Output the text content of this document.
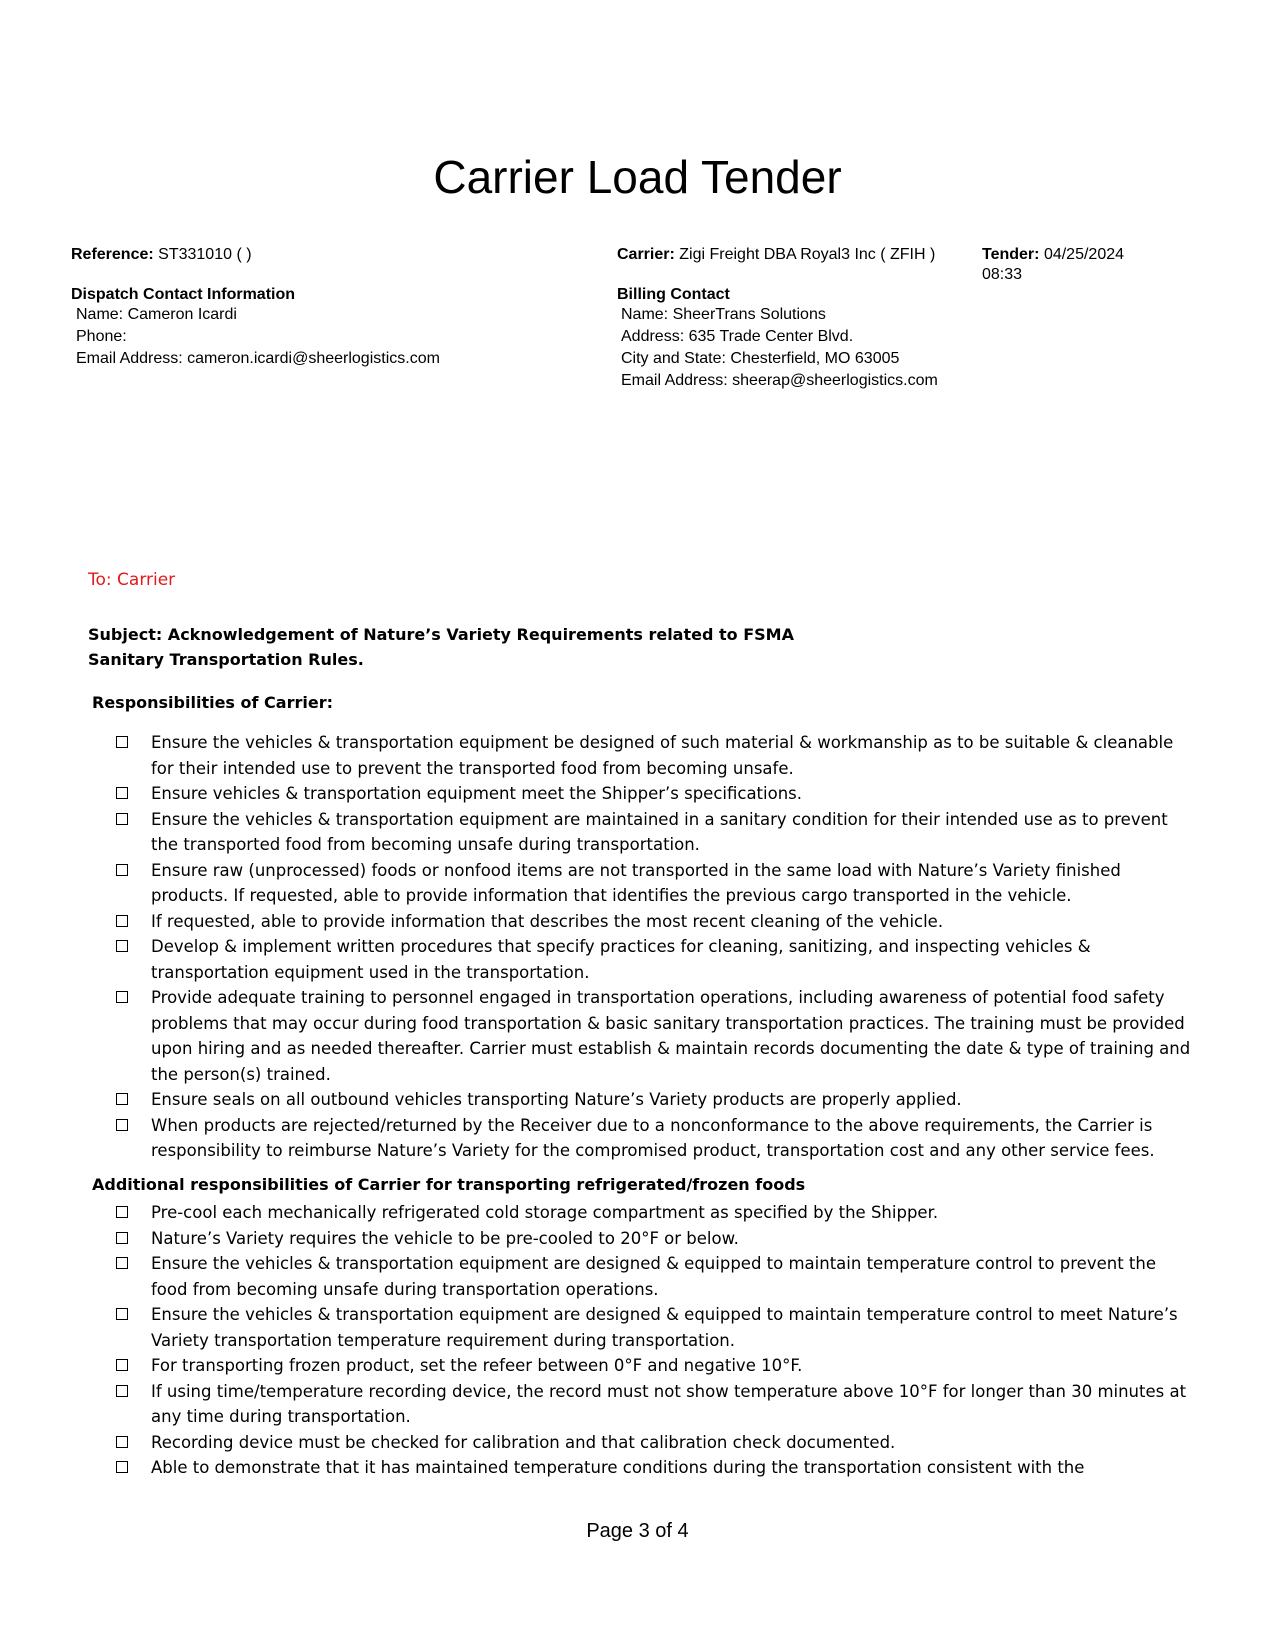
Carrier Load Tender
Reference: ST331010 ( )	Carrier: Zigi Freight DBA Royal3 Inc ( ZFIH )	Tender: 04/25/2024
08:33
Dispatch Contact Information
Name: Cameron Icardi
Phone:
Email Address: cameron.icardi@sheerlogistics.com
Billing Contact
Name: SheerTrans Solutions
Address: 635 Trade Center Blvd.
City and State: Chesterfield, MO 63005
Email Address: sheerap@sheerlogistics.com
To: Carrier
Subject: Acknowledgement of Nature’s Variety Requirements related to FSMA Sanitary Transportation Rules.
Responsibilities of Carrier:
Ensure the vehicles & transportation equipment be designed of such material & workmanship as to be suitable & cleanable for their intended use to prevent the transported food from becoming unsafe.
Ensure vehicles & transportation equipment meet the Shipper’s specifications.
Ensure the vehicles & transportation equipment are maintained in a sanitary condition for their intended use as to prevent the transported food from becoming unsafe during transportation.
Ensure raw (unprocessed) foods or nonfood items are not transported in the same load with Nature’s Variety finished products. If requested, able to provide information that identifies the previous cargo transported in the vehicle.
If requested, able to provide information that describes the most recent cleaning of the vehicle.
Develop & implement written procedures that specify practices for cleaning, sanitizing, and inspecting vehicles & transportation equipment used in the transportation.
Provide adequate training to personnel engaged in transportation operations, including awareness of potential food safety problems that may occur during food transportation & basic sanitary transportation practices. The training must be provided upon hiring and as needed thereafter. Carrier must establish & maintain records documenting the date & type of training and the person(s) trained.
Ensure seals on all outbound vehicles transporting Nature’s Variety products are properly applied.
When products are rejected/returned by the Receiver due to a nonconformance to the above requirements, the Carrier is responsibility to reimburse Nature’s Variety for the compromised product, transportation cost and any other service fees.
Additional responsibilities of Carrier for transporting refrigerated/frozen foods
Pre-cool each mechanically refrigerated cold storage compartment as specified by the Shipper.
Nature’s Variety requires the vehicle to be pre-cooled to 20°F or below.
Ensure the vehicles & transportation equipment are designed & equipped to maintain temperature control to prevent the food from becoming unsafe during transportation operations.
Ensure the vehicles & transportation equipment are designed & equipped to maintain temperature control to meet Nature’s Variety transportation temperature requirement during transportation.
For transporting frozen product, set the refeer between 0°F and negative 10°F.
If using time/temperature recording device, the record must not show temperature above 10°F for longer than 30 minutes at any time during transportation.
Recording device must be checked for calibration and that calibration check documented.
Able to demonstrate that it has maintained temperature conditions during the transportation consistent with the
Page 3 of 4
